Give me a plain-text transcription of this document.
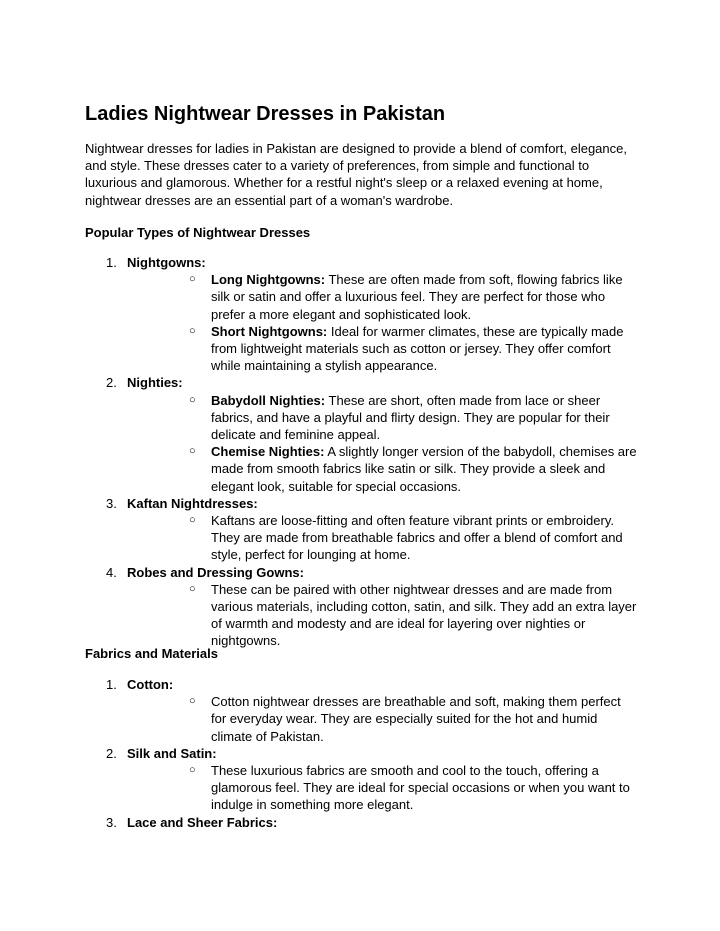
Ladies Nightwear Dresses in Pakistan

Nightwear dresses for ladies in Pakistan are designed to provide a blend of comfort, elegance, and style. These dresses cater to a variety of preferences, from simple and functional to luxurious and glamorous. Whether for a restful night's sleep or a relaxed evening at home, nightwear dresses are an essential part of a woman's wardrobe.

Popular Types of Nightwear Dresses

1. Nightgowns:
○ Long Nightgowns: These are often made from soft, flowing fabrics like silk or satin and offer a luxurious feel. They are perfect for those who prefer a more elegant and sophisticated look.
○ Short Nightgowns: Ideal for warmer climates, these are typically made from lightweight materials such as cotton or jersey. They offer comfort while maintaining a stylish appearance.
2. Nighties:
○ Babydoll Nighties: These are short, often made from lace or sheer fabrics, and have a playful and flirty design. They are popular for their delicate and feminine appeal.
○ Chemise Nighties: A slightly longer version of the babydoll, chemises are made from smooth fabrics like satin or silk. They provide a sleek and elegant look, suitable for special occasions.
3. Kaftan Nightdresses:
○ Kaftans are loose-fitting and often feature vibrant prints or embroidery. They are made from breathable fabrics and offer a blend of comfort and style, perfect for lounging at home.
4. Robes and Dressing Gowns:
○ These can be paired with other nightwear dresses and are made from various materials, including cotton, satin, and silk. They add an extra layer of warmth and modesty and are ideal for layering over nighties or nightgowns.

Fabrics and Materials

1. Cotton:
○ Cotton nightwear dresses are breathable and soft, making them perfect for everyday wear. They are especially suited for the hot and humid climate of Pakistan.
2. Silk and Satin:
○ These luxurious fabrics are smooth and cool to the touch, offering a glamorous feel. They are ideal for special occasions or when you want to indulge in something more elegant.
3. Lace and Sheer Fabrics:
